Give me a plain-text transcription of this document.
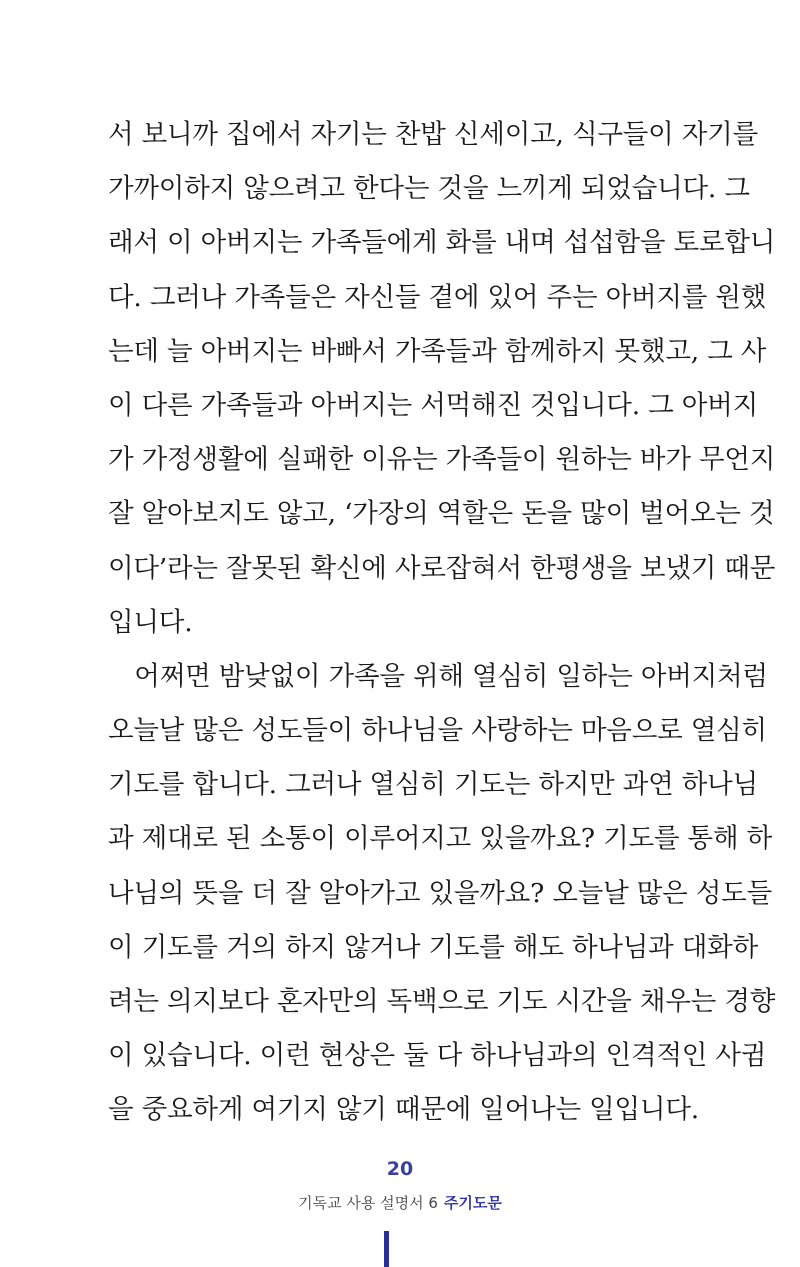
서 보니까 집에서 자기는 찬밥 신세이고, 식구들이 자기를
가까이하지 않으려고 한다는 것을 느끼게 되었습니다. 그
래서 이 아버지는 가족들에게 화를 내며 섭섭함을 토로합니
다. 그러나 가족들은 자신들 곁에 있어 주는 아버지를 원했
는데 늘 아버지는 바빠서 가족들과 함께하지 못했고, 그 사
이 다른 가족들과 아버지는 서먹해진 것입니다. 그 아버지
가 가정생활에 실패한 이유는 가족들이 원하는 바가 무언지
잘 알아보지도 않고, ‘가장의 역할은 돈을 많이 벌어오는 것
이다’라는 잘못된 확신에 사로잡혀서 한평생을 보냈기 때문
입니다.
　어쩌면 밤낮없이 가족을 위해 열심히 일하는 아버지처럼
오늘날 많은 성도들이 하나님을 사랑하는 마음으로 열심히
기도를 합니다. 그러나 열심히 기도는 하지만 과연 하나님
과 제대로 된 소통이 이루어지고 있을까요? 기도를 통해 하
나님의 뜻을 더 잘 알아가고 있을까요? 오늘날 많은 성도들
이 기도를 거의 하지 않거나 기도를 해도 하나님과 대화하
려는 의지보다 혼자만의 독백으로 기도 시간을 채우는 경향
이 있습니다. 이런 현상은 둘 다 하나님과의 인격적인 사귐
을 중요하게 여기지 않기 때문에 일어나는 일입니다.
20
기독교 사용 설명서 6 주기도문
